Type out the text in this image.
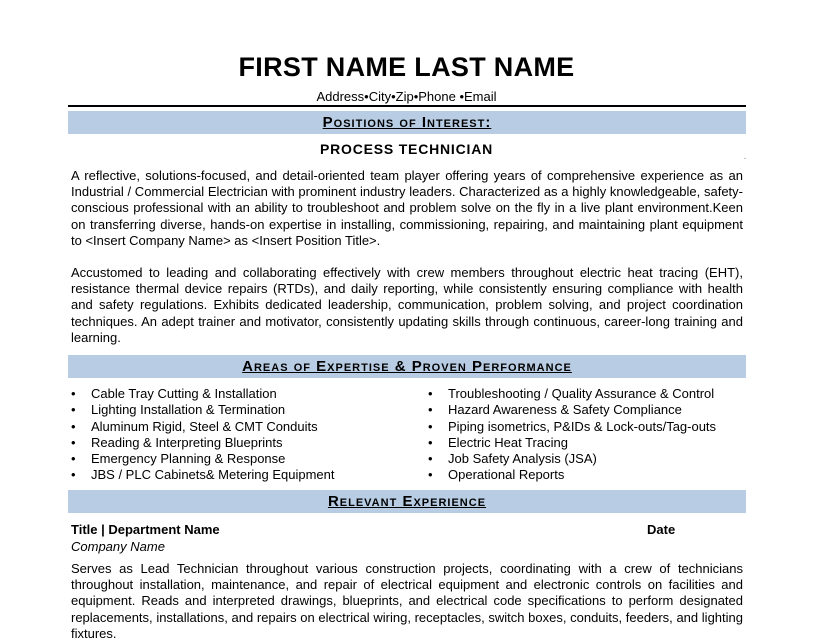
FIRST NAME LAST NAME
Address•City•Zip•Phone •Email
Positions of Interest:
PROCESS TECHNICIAN
.

A reflective, solutions-focused, and detail-oriented team player offering years of comprehensive experience as an Industrial / Commercial Electrician with prominent industry leaders. Characterized as a highly knowledgeable, safety-conscious professional with an ability to troubleshoot and problem solve on the fly in a live plant environment.Keen on transferring diverse, hands-on expertise in installing, commissioning, repairing, and maintaining plant equipment to <Insert Company Name> as <Insert Position Title>.

Accustomed to leading and collaborating effectively with crew members throughout electric heat tracing (EHT), resistance thermal device repairs (RTDs), and daily reporting, while consistently ensuring compliance with health and safety regulations. Exhibits dedicated leadership, communication, problem solving, and project coordination techniques. An adept trainer and motivator, consistently updating skills through continuous, career-long training and learning.

Areas of Expertise & Proven Performance
• Cable Tray Cutting & Installation
• Lighting Installation & Termination
• Aluminum Rigid, Steel & CMT Conduits
• Reading & Interpreting Blueprints
• Emergency Planning & Response
• JBS / PLC Cabinets& Metering Equipment
• Troubleshooting / Quality Assurance & Control
• Hazard Awareness & Safety Compliance
• Piping isometrics, P&IDs & Lock-outs/Tag-outs
• Electric Heat Tracing
• Job Safety Analysis (JSA)
• Operational Reports
Relevant Experience
Title | Department Name	Date
Company Name

Serves as Lead Technician throughout various construction projects, coordinating with a crew of technicians throughout installation, maintenance, and repair of electrical equipment and electronic controls on facilities and equipment. Reads and interpreted drawings, blueprints, and electrical code specifications to perform designated replacements, installations, and repairs on electrical wiring, receptacles, switch boxes, conduits, feeders, and lighting fixtures.
